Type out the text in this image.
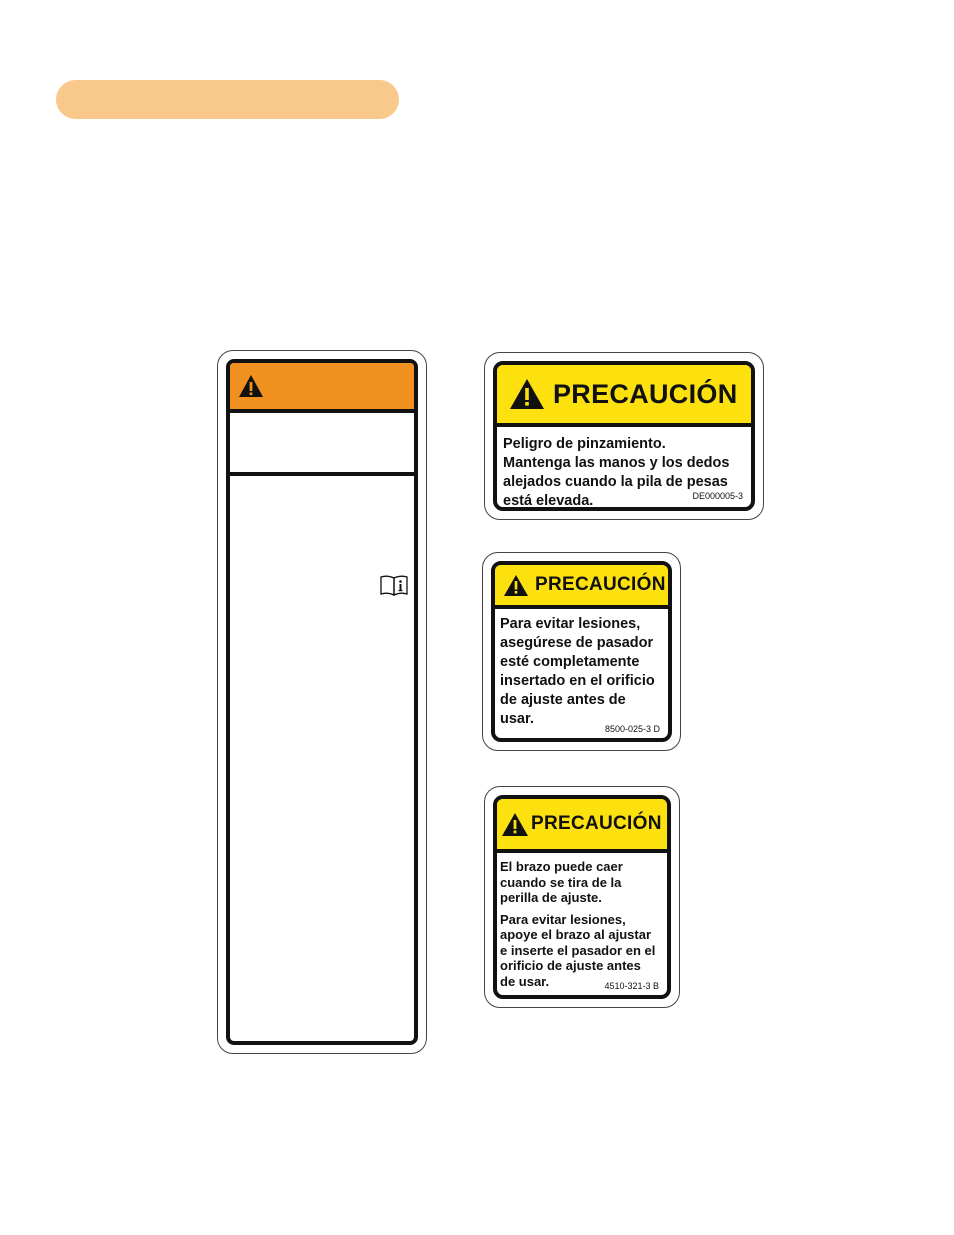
PRECAUCIÓN

Peligro de pinzamiento.
Mantenga las manos y los dedos
alejados cuando la pila de pesas
está elevada.	DE000005-3
PRECAUCIÓN

Para evitar lesiones,
asegúrese de pasador
esté completamente
insertado en el orificio
de ajuste antes de
usar.

8500-025-3 D
PRECAUCIÓN

El brazo puede caer
cuando se tira de la
perilla de ajuste.

Para evitar lesiones,
apoye el brazo al ajustar
e inserte el pasador en el
orificio de ajuste antes
de usar.	4510-321-3 B
